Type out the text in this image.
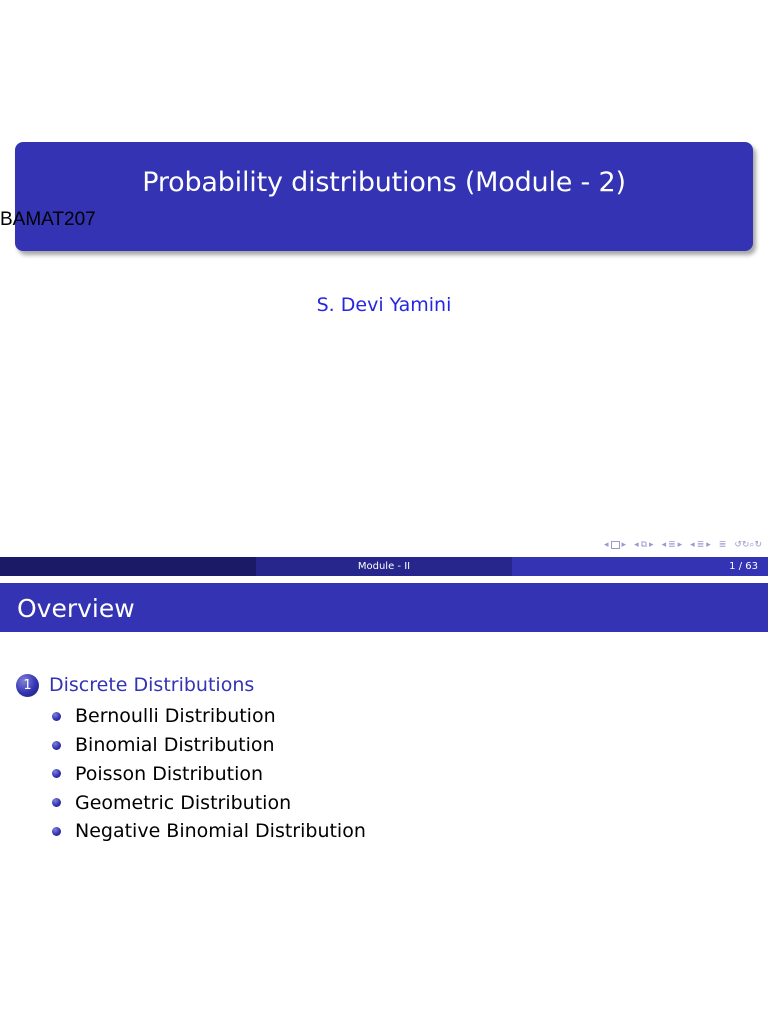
Probability distributions (Module - 2)
BAMAT207
S. Devi Yamini
◂ ▸ ◂ ⧉ ▸ ◂ ≣ ▸ ◂ ≣ ▸ ≣ ↺↻⌕↻
Module - II	1 / 63
Overview
1 Discrete Distributions
Bernoulli Distribution
Binomial Distribution
Poisson Distribution
Geometric Distribution
Negative Binomial Distribution
